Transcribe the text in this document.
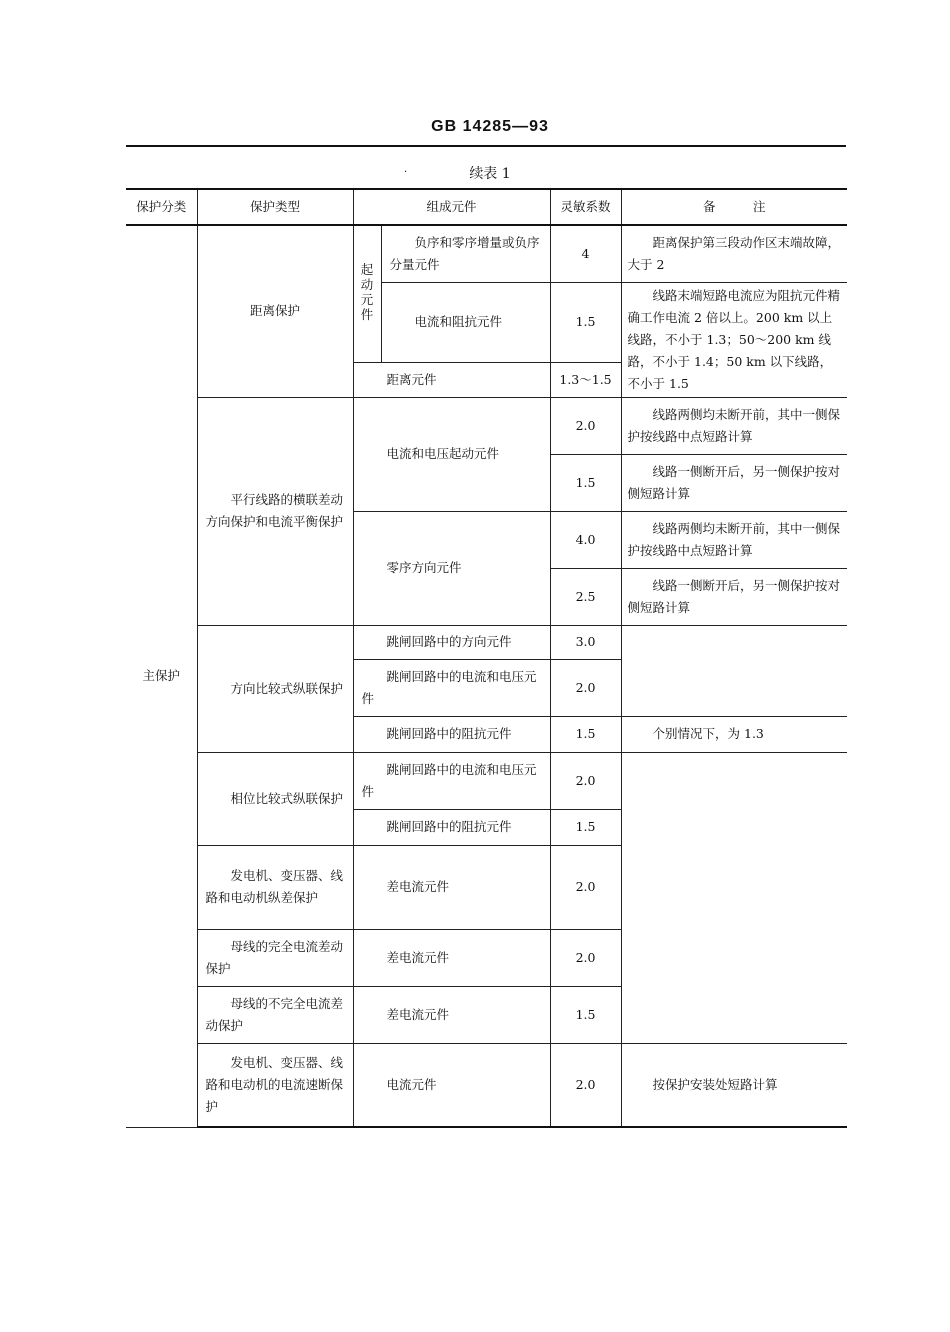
GB 14285—93
·	续表 1
保护分类	保护类型	组成元件		灵敏系数	备　　　注
主保护	距离保护	起动元件	负序和零序增量或负序分量元件	4	距离保护第三段动作区末端故障，大于 2
			电流和阻抗元件	1.5	线路末端短路电流应为阻抗元件精确工作电流 2 倍以上。200 km 以上线路，不小于 1.3；50～200 km 线路，不小于 1.4；50 km 以下线路，不小于 1.5
		距离元件		1.3～1.5	
	平行线路的横联差动方向保护和电流平衡保护	电流和电压起动元件		2.0	线路两侧均未断开前，其中一侧保护按线路中点短路计算
				1.5	线路一侧断开后，另一侧保护按对侧短路计算
		零序方向元件		4.0	线路两侧均未断开前，其中一侧保护按线路中点短路计算
				2.5	线路一侧断开后，另一侧保护按对侧短路计算
	方向比较式纵联保护	跳闸回路中的方向元件		3.0	
		跳闸回路中的电流和电压元件		2.0	
		跳闸回路中的阻抗元件		1.5	个别情况下，为 1.3
	相位比较式纵联保护	跳闸回路中的电流和电压元件		2.0	
		跳闸回路中的阻抗元件		1.5	
	发电机、变压器、线路和电动机纵差保护	差电流元件		2.0	
	母线的完全电流差动保护	差电流元件		2.0	
	母线的不完全电流差动保护	差电流元件		1.5	
	发电机、变压器、线路和电动机的电流速断保护	电流元件		2.0	按保护安装处短路计算
